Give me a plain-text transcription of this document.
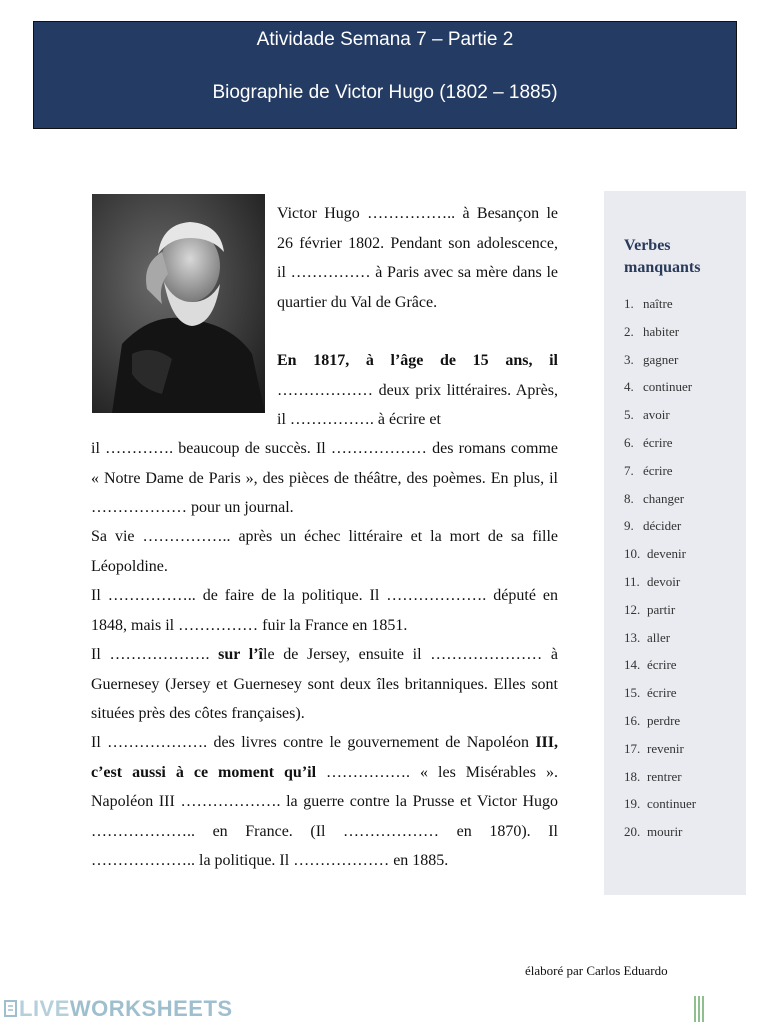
Atividade Semana 7 – Partie 2
Biographie de Victor Hugo (1802 – 1885)
Victor Hugo …………….. à Besançon le 26 février 1802. Pendant son adolescence, il …………… à Paris avec sa mère dans le quartier du Val de Grâce.
En 1817, à l’âge de 15 ans, il ……………… deux prix littéraires. Après, il ……………. à écrire et
il …………. beaucoup de succès. Il ……………… des romans comme « Notre Dame de Paris », des pièces de théâtre, des poèmes. En plus, il ……………… pour un journal.
Sa vie …………….. après un échec littéraire et la mort de sa fille Léopoldine.
Il …………….. de faire de la politique. Il ………………. député en 1848, mais il …………… fuir la France en 1851.
Il ………………. sur l’île de Jersey, ensuite il ………………… à Guernesey (Jersey et Guernesey sont deux îles britanniques. Elles sont situées près des côtes françaises).
Il ………………. des livres contre le gouvernement de Napoléon III, c’est aussi à ce moment qu’il ……………. « les Misérables ». Napoléon III ………………. la guerre contre la Prusse et Victor Hugo ……………….. en France. (Il ……………… en 1870). Il ……………….. la politique. Il ……………… en 1885.
Verbes manquants
1. naître
2. habiter
3. gagner
4. continuer
5. avoir
6. écrire
7. écrire
8. changer
9. décider
10. devenir
11. devoir
12. partir
13. aller
14. écrire
15. écrire
16. perdre
17. revenir
18. rentrer
19. continuer
20. mourir
élaboré par Carlos Eduardo
LIVEWORKSHEETS
